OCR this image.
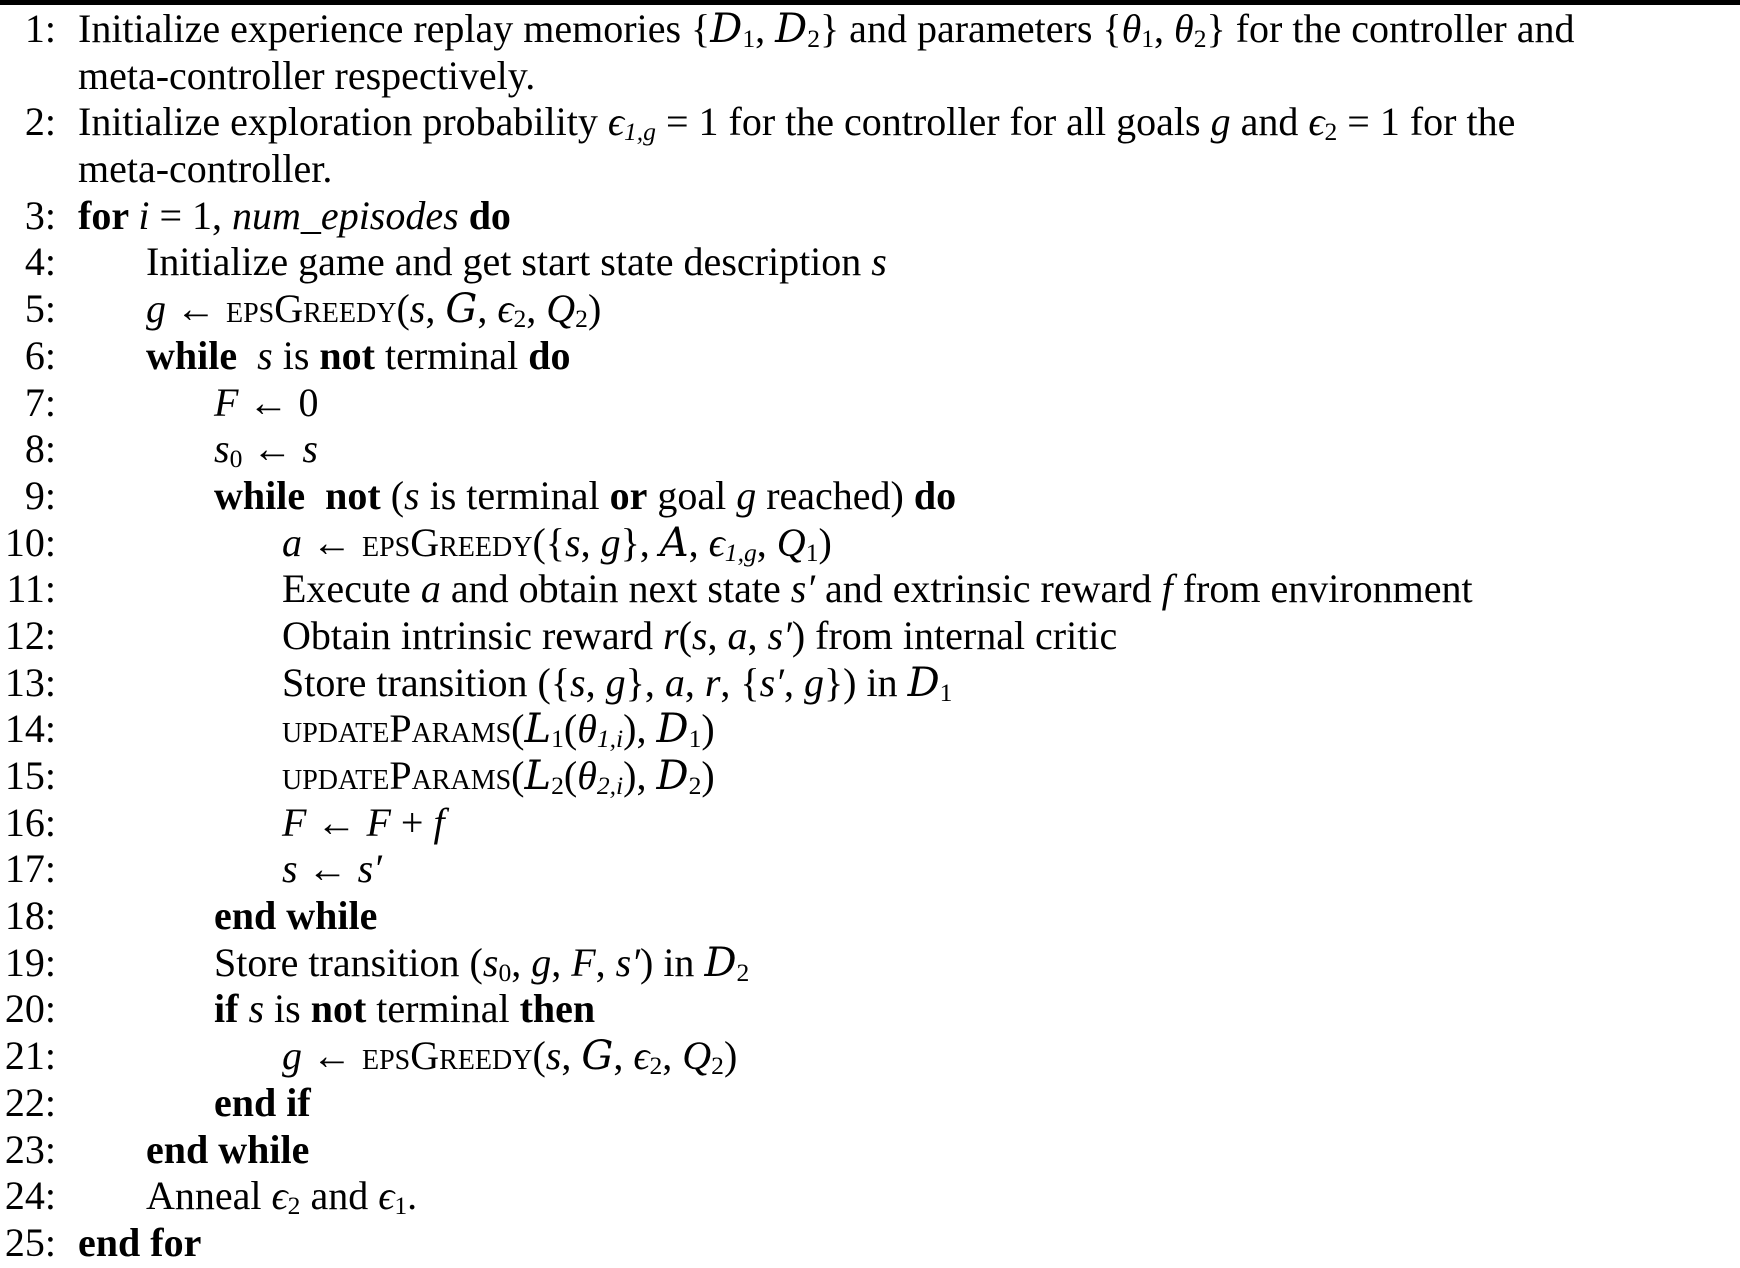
1: Initialize experience replay memories {D1, D2} and parameters {θ1, θ2} for the controller and
meta-controller respectively.
2: Initialize exploration probability ϵ1,g = 1 for the controller for all goals g and ϵ2 = 1 for the
meta-controller.
3: for i = 1, num_episodes do
4: Initialize game and get start state description s
5: g ← epsGreedy(s, G, ϵ2, Q2)
6: while  s is not terminal do
7:	F ← 0
8:	s0 ← s
9:	while  not (s is terminal or goal g reached) do
10:	a ← epsGreedy({s, g}, A, ϵ1,g, Q1)
11:	Execute a and obtain next state s′ and extrinsic reward f from environment
12:	Obtain intrinsic reward r(s, a, s′) from internal critic
13:	Store transition ({s, g}, a, r, {s′, g}) in D1
14:	updateParams(L1(θ1,i), D1)
15:	updateParams(L2(θ2,i), D2)
16:	F ← F + f
17:	s ← s′
18:	end while
19:	Store transition (s0, g, F, s′) in D2
20:	if s is not terminal then
21:	g ← epsGreedy(s, G, ϵ2, Q2)
22:	end if
23: end while
24: Anneal ϵ2 and ϵ1.
25: end for
